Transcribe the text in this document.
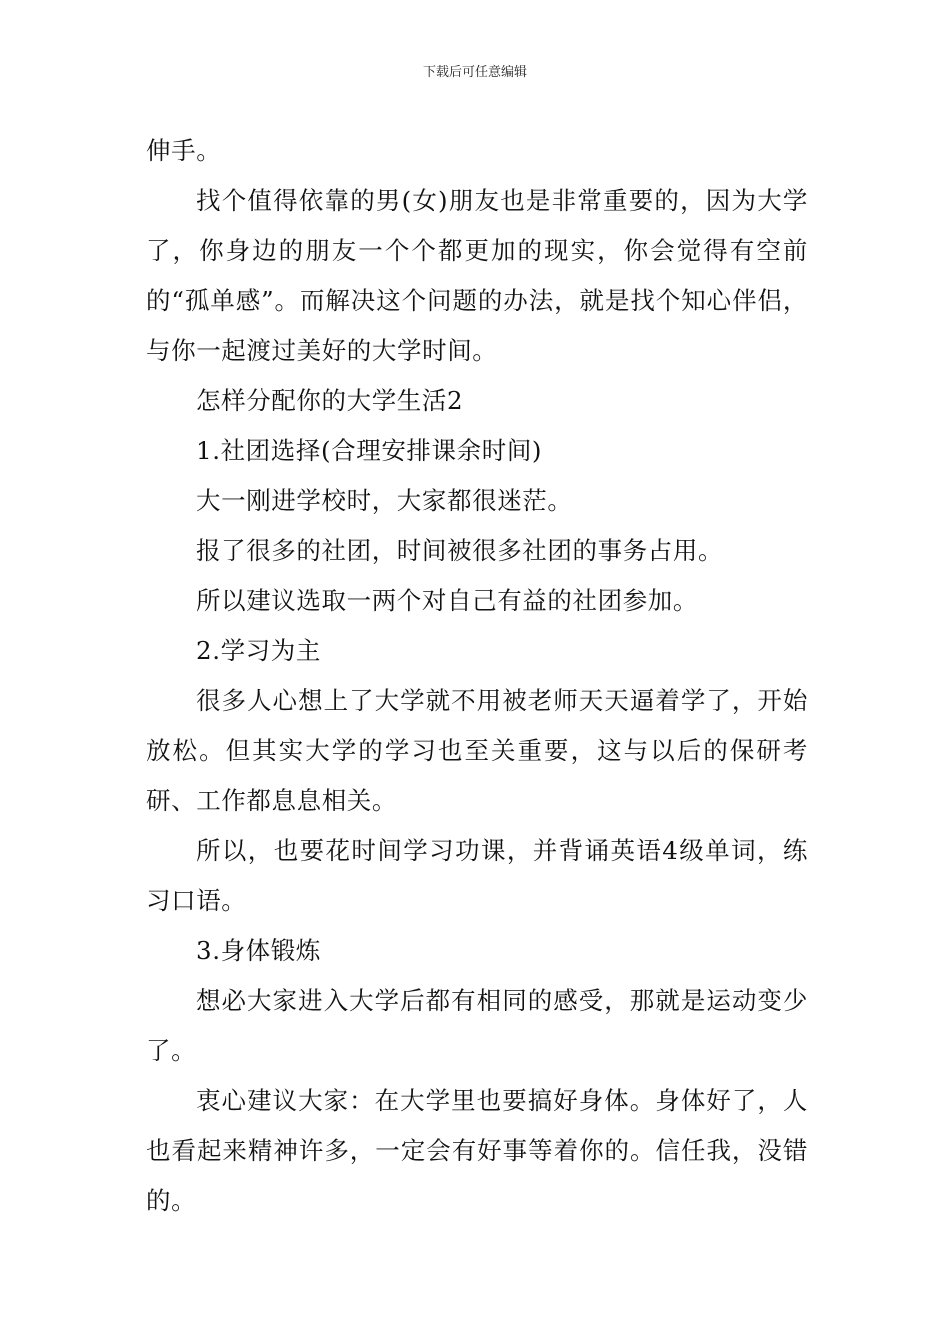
下载后可任意编辑

伸手。

找个值得依靠的男(女)朋友也是非常重要的，因为大学了，你身边的朋友一个个都更加的现实，你会觉得有空前的“孤单感”。而解决这个问题的办法，就是找个知心伴侣，与你一起渡过美好的大学时间。

怎样分配你的大学生活2

1.社团选择(合理安排课余时间)

大一刚进学校时，大家都很迷茫。

报了很多的社团，时间被很多社团的事务占用。

所以建议选取一两个对自己有益的社团参加。

2.学习为主

很多人心想上了大学就不用被老师天天逼着学了，开始放松。但其实大学的学习也至关重要，这与以后的保研考研、工作都息息相关。

所以，也要花时间学习功课，并背诵英语4级单词，练习口语。

3.身体锻炼

想必大家进入大学后都有相同的感受，那就是运动变少了。

衷心建议大家：在大学里也要搞好身体。身体好了，人也看起来精神许多，一定会有好事等着你的。信任我，没错的。
